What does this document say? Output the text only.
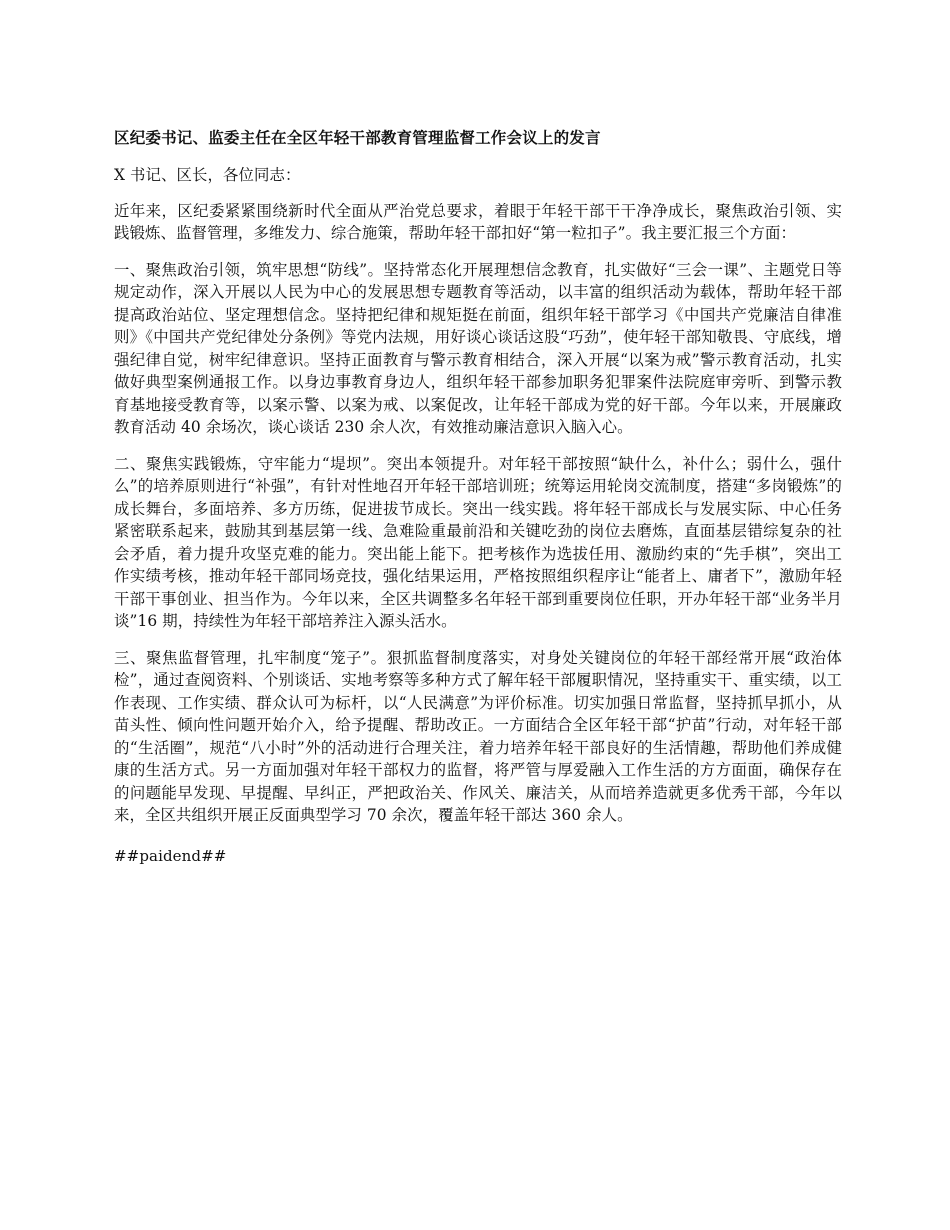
区纪委书记、监委主任在全区年轻干部教育管理监督工作会议上的发言

X 书记、区长，各位同志：

近年来，区纪委紧紧围绕新时代全面从严治党总要求，着眼于年轻干部干干净净成长，聚焦政治引领、实践锻炼、监督管理，多维发力、综合施策，帮助年轻干部扣好“第一粒扣子”。我主要汇报三个方面：

一、聚焦政治引领，筑牢思想“防线”。坚持常态化开展理想信念教育，扎实做好“三会一课”、主题党日等规定动作，深入开展以人民为中心的发展思想专题教育等活动，以丰富的组织活动为载体，帮助年轻干部提高政治站位、坚定理想信念。坚持把纪律和规矩挺在前面，组织年轻干部学习《中国共产党廉洁自律准则》《中国共产党纪律处分条例》等党内法规，用好谈心谈话这股“巧劲”，使年轻干部知敬畏、守底线，增强纪律自觉，树牢纪律意识。坚持正面教育与警示教育相结合，深入开展“以案为戒”警示教育活动，扎实做好典型案例通报工作。以身边事教育身边人，组织年轻干部参加职务犯罪案件法院庭审旁听、到警示教育基地接受教育等，以案示警、以案为戒、以案促改，让年轻干部成为党的好干部。今年以来，开展廉政教育活动 40 余场次，谈心谈话 230 余人次，有效推动廉洁意识入脑入心。

二、聚焦实践锻炼，守牢能力“堤坝”。突出本领提升。对年轻干部按照“缺什么，补什么；弱什么，强什么”的培养原则进行“补强”，有针对性地召开年轻干部培训班；统筹运用轮岗交流制度，搭建“多岗锻炼”的成长舞台，多面培养、多方历练，促进拔节成长。突出一线实践。将年轻干部成长与发展实际、中心任务紧密联系起来，鼓励其到基层第一线、急难险重最前沿和关键吃劲的岗位去磨炼，直面基层错综复杂的社会矛盾，着力提升攻坚克难的能力。突出能上能下。把考核作为选拔任用、激励约束的“先手棋”，突出工作实绩考核，推动年轻干部同场竞技，强化结果运用，严格按照组织程序让“能者上、庸者下”，激励年轻干部干事创业、担当作为。今年以来，全区共调整多名年轻干部到重要岗位任职，开办年轻干部“业务半月谈”16 期，持续性为年轻干部培养注入源头活水。

三、聚焦监督管理，扎牢制度“笼子”。狠抓监督制度落实，对身处关键岗位的年轻干部经常开展“政治体检”，通过查阅资料、个别谈话、实地考察等多种方式了解年轻干部履职情况，坚持重实干、重实绩，以工作表现、工作实绩、群众认可为标杆，以“人民满意”为评价标准。切实加强日常监督，坚持抓早抓小，从苗头性、倾向性问题开始介入，给予提醒、帮助改正。一方面结合全区年轻干部“护苗”行动，对年轻干部的“生活圈”，规范“八小时”外的活动进行合理关注，着力培养年轻干部良好的生活情趣，帮助他们养成健康的生活方式。另一方面加强对年轻干部权力的监督，将严管与厚爱融入工作生活的方方面面，确保存在的问题能早发现、早提醒、早纠正，严把政治关、作风关、廉洁关，从而培养造就更多优秀干部，今年以来，全区共组织开展正反面典型学习 70 余次，覆盖年轻干部达 360 余人。

##paidend##
